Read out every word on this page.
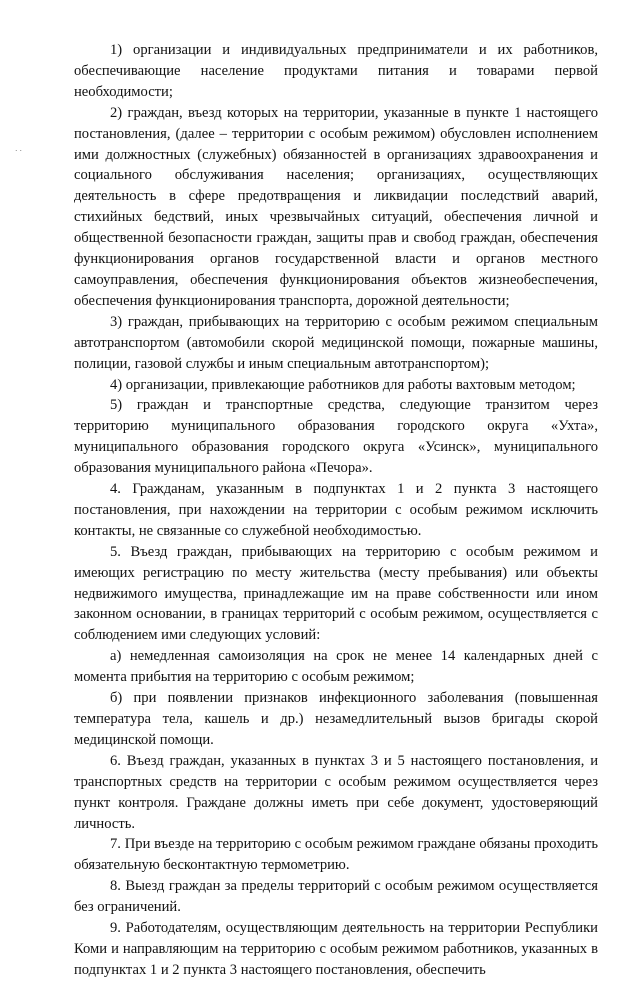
˙˙

1) организации и индивидуальных предприниматели и их работников, обеспечивающие население продуктами питания и товарами первой необходимости;

2) граждан, въезд которых на территории, указанные в пункте 1 настоящего постановления, (далее – территории с особым режимом) обусловлен исполнением ими должностных (служебных) обязанностей в организациях здравоохранения и социального обслуживания населения; организациях, осуществляющих деятельность в сфере предотвращения и ликвидации последствий аварий, стихийных бедствий, иных чрезвычайных ситуаций, обеспечения личной и общественной безопасности граждан, защиты прав и свобод граждан, обеспечения функционирования органов государственной власти и органов местного самоуправления, обеспечения функционирования объектов жизнеобеспечения, обеспечения функционирования транспорта, дорожной деятельности;

3) граждан, прибывающих на территорию с особым режимом специальным автотранспортом (автомобили скорой медицинской помощи, пожарные машины, полиции, газовой службы и иным специальным автотранспортом);

4) организации, привлекающие работников для работы вахтовым методом;

5) граждан и транспортные средства, следующие транзитом через территорию муниципального образования городского округа «Ухта», муниципального образования городского округа «Усинск», муниципального образования муниципального района «Печора».

4. Гражданам, указанным в подпунктах 1 и 2 пункта 3 настоящего постановления, при нахождении на территории с особым режимом исключить контакты, не связанные со служебной необходимостью.

5. Въезд граждан, прибывающих на территорию с особым режимом и имеющих регистрацию по месту жительства (месту пребывания) или объекты недвижимого имущества, принадлежащие им на праве собственности или ином законном основании, в границах территорий с особым режимом, осуществляется с соблюдением ими следующих условий:

а) немедленная самоизоляция на срок не менее 14 календарных дней с момента прибытия на территорию с особым режимом;

б) при появлении признаков инфекционного заболевания (повышенная температура тела, кашель и др.) незамедлительный вызов бригады скорой медицинской помощи.

6. Въезд граждан, указанных в пунктах 3 и 5 настоящего постановления, и транспортных средств на территории с особым режимом осуществляется через пункт контроля. Граждане должны иметь при себе документ, удостоверяющий личность.

7. При въезде на территорию с особым режимом граждане обязаны проходить обязательную бесконтактную термометрию.

8. Выезд граждан за пределы территорий с особым режимом осуществляется без ограничений.

9. Работодателям, осуществляющим деятельность на территории Республики Коми и направляющим на территорию с особым режимом работников, указанных в подпунктах 1 и 2 пункта 3 настоящего постановления, обеспечить
